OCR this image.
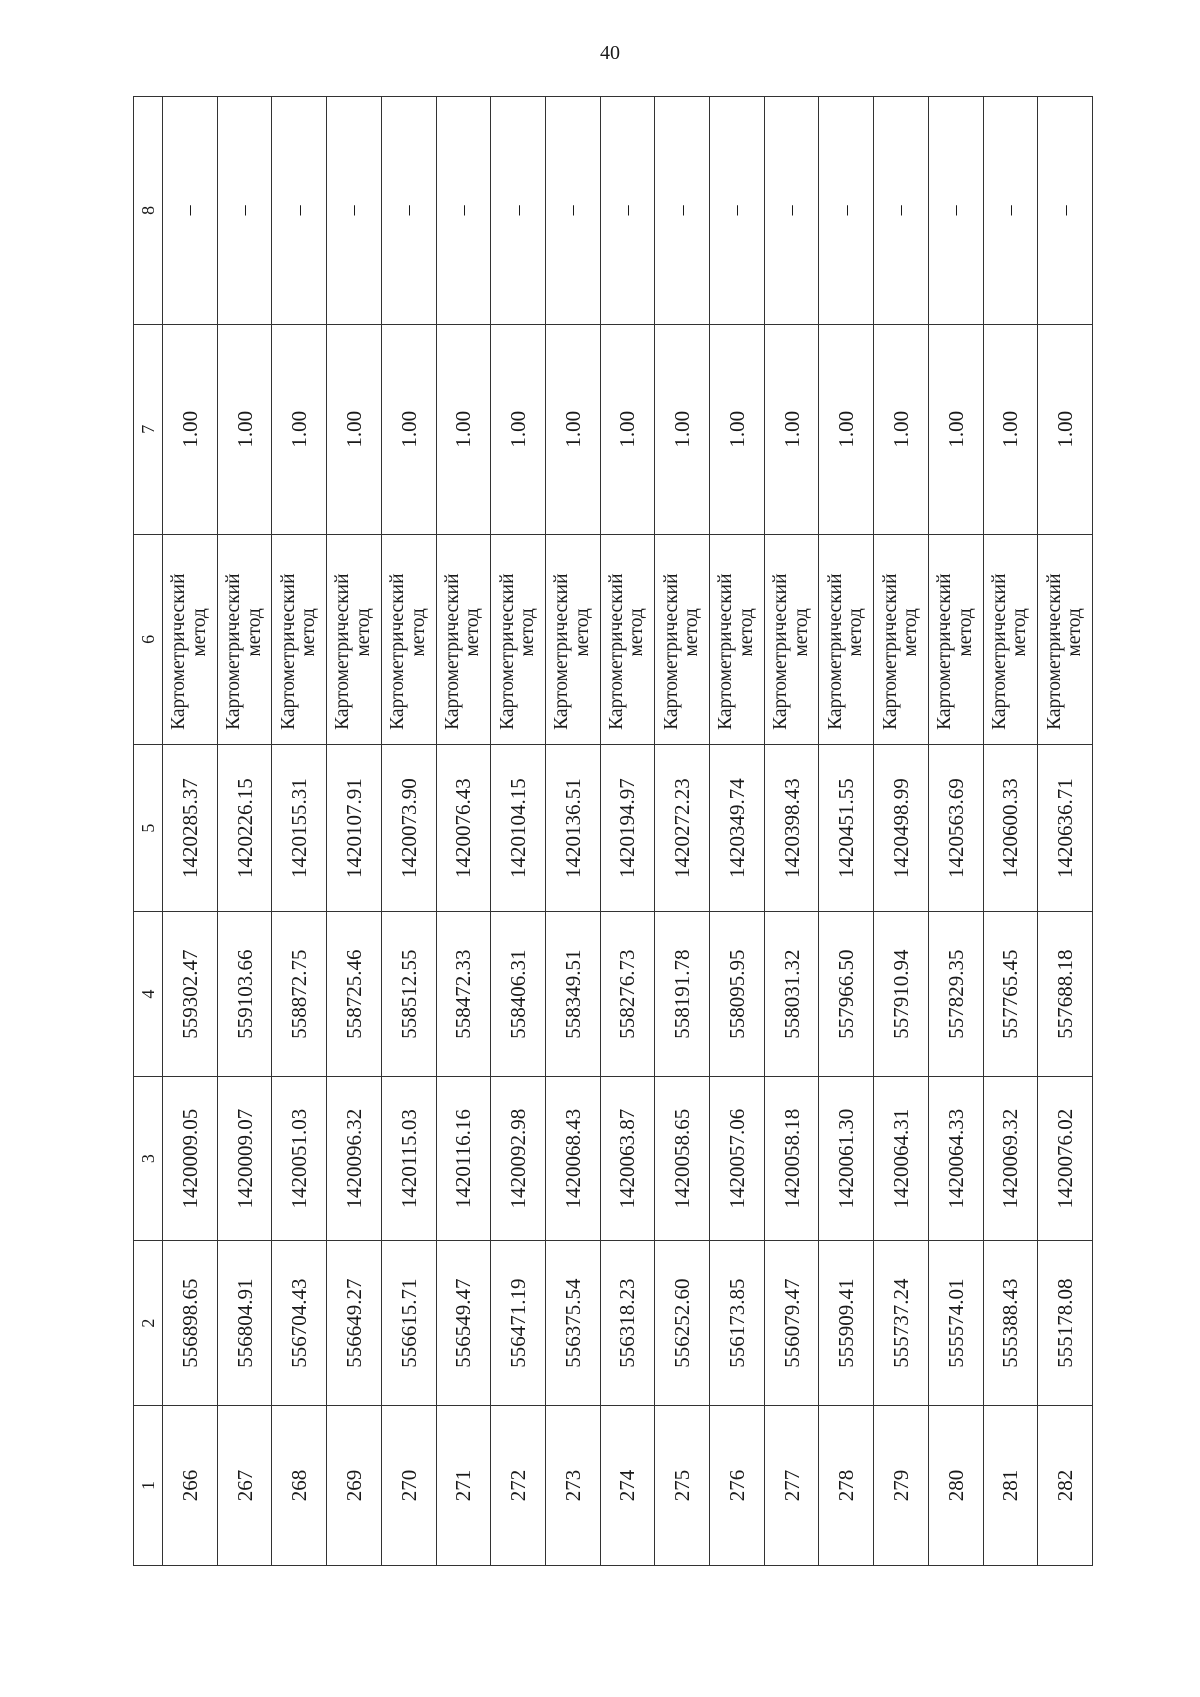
40
1	2	3	4	5	6	7	8
266	556898.65	1420009.05	559302.47	1420285.37	Картометрический метод	1.00	–
267	556804.91	1420009.07	559103.66	1420226.15	Картометрический метод	1.00	–
268	556704.43	1420051.03	558872.75	1420155.31	Картометрический метод	1.00	–
269	556649.27	1420096.32	558725.46	1420107.91	Картометрический метод	1.00	–
270	556615.71	1420115.03	558512.55	1420073.90	Картометрический метод	1.00	–
271	556549.47	1420116.16	558472.33	1420076.43	Картометрический метод	1.00	–
272	556471.19	1420092.98	558406.31	1420104.15	Картометрический метод	1.00	–
273	556375.54	1420068.43	558349.51	1420136.51	Картометрический метод	1.00	–
274	556318.23	1420063.87	558276.73	1420194.97	Картометрический метод	1.00	–
275	556252.60	1420058.65	558191.78	1420272.23	Картометрический метод	1.00	–
276	556173.85	1420057.06	558095.95	1420349.74	Картометрический метод	1.00	–
277	556079.47	1420058.18	558031.32	1420398.43	Картометрический метод	1.00	–
278	555909.41	1420061.30	557966.50	1420451.55	Картометрический метод	1.00	–
279	555737.24	1420064.31	557910.94	1420498.99	Картометрический метод	1.00	–
280	555574.01	1420064.33	557829.35	1420563.69	Картометрический метод	1.00	–
281	555388.43	1420069.32	557765.45	1420600.33	Картометрический метод	1.00	–
282	555178.08	1420076.02	557688.18	1420636.71	Картометрический метод	1.00	–
